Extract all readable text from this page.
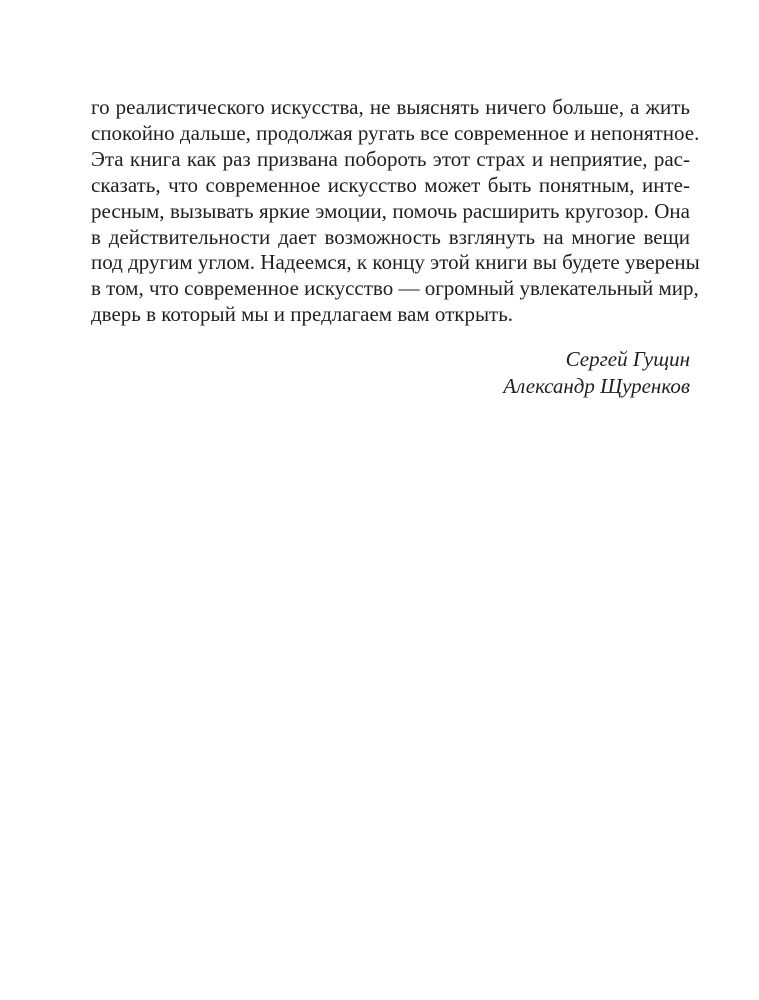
го реалистического искусства, не выяснять ничего больше, а жить
спокойно дальше, продолжая ругать все современное и непонятное.
Эта книга как раз призвана побороть этот страх и неприятие, рас-
сказать, что современное искусство может быть понятным, инте-
ресным, вызывать яркие эмоции, помочь расширить кругозор. Она
в действительности дает возможность взглянуть на многие вещи
под другим углом. Надеемся, к концу этой книги вы будете уверены
в том, что современное искусство — огромный увлекательный мир,
дверь в который мы и предлагаем вам открыть.
Сергей Гущин
Александр Щуренков
